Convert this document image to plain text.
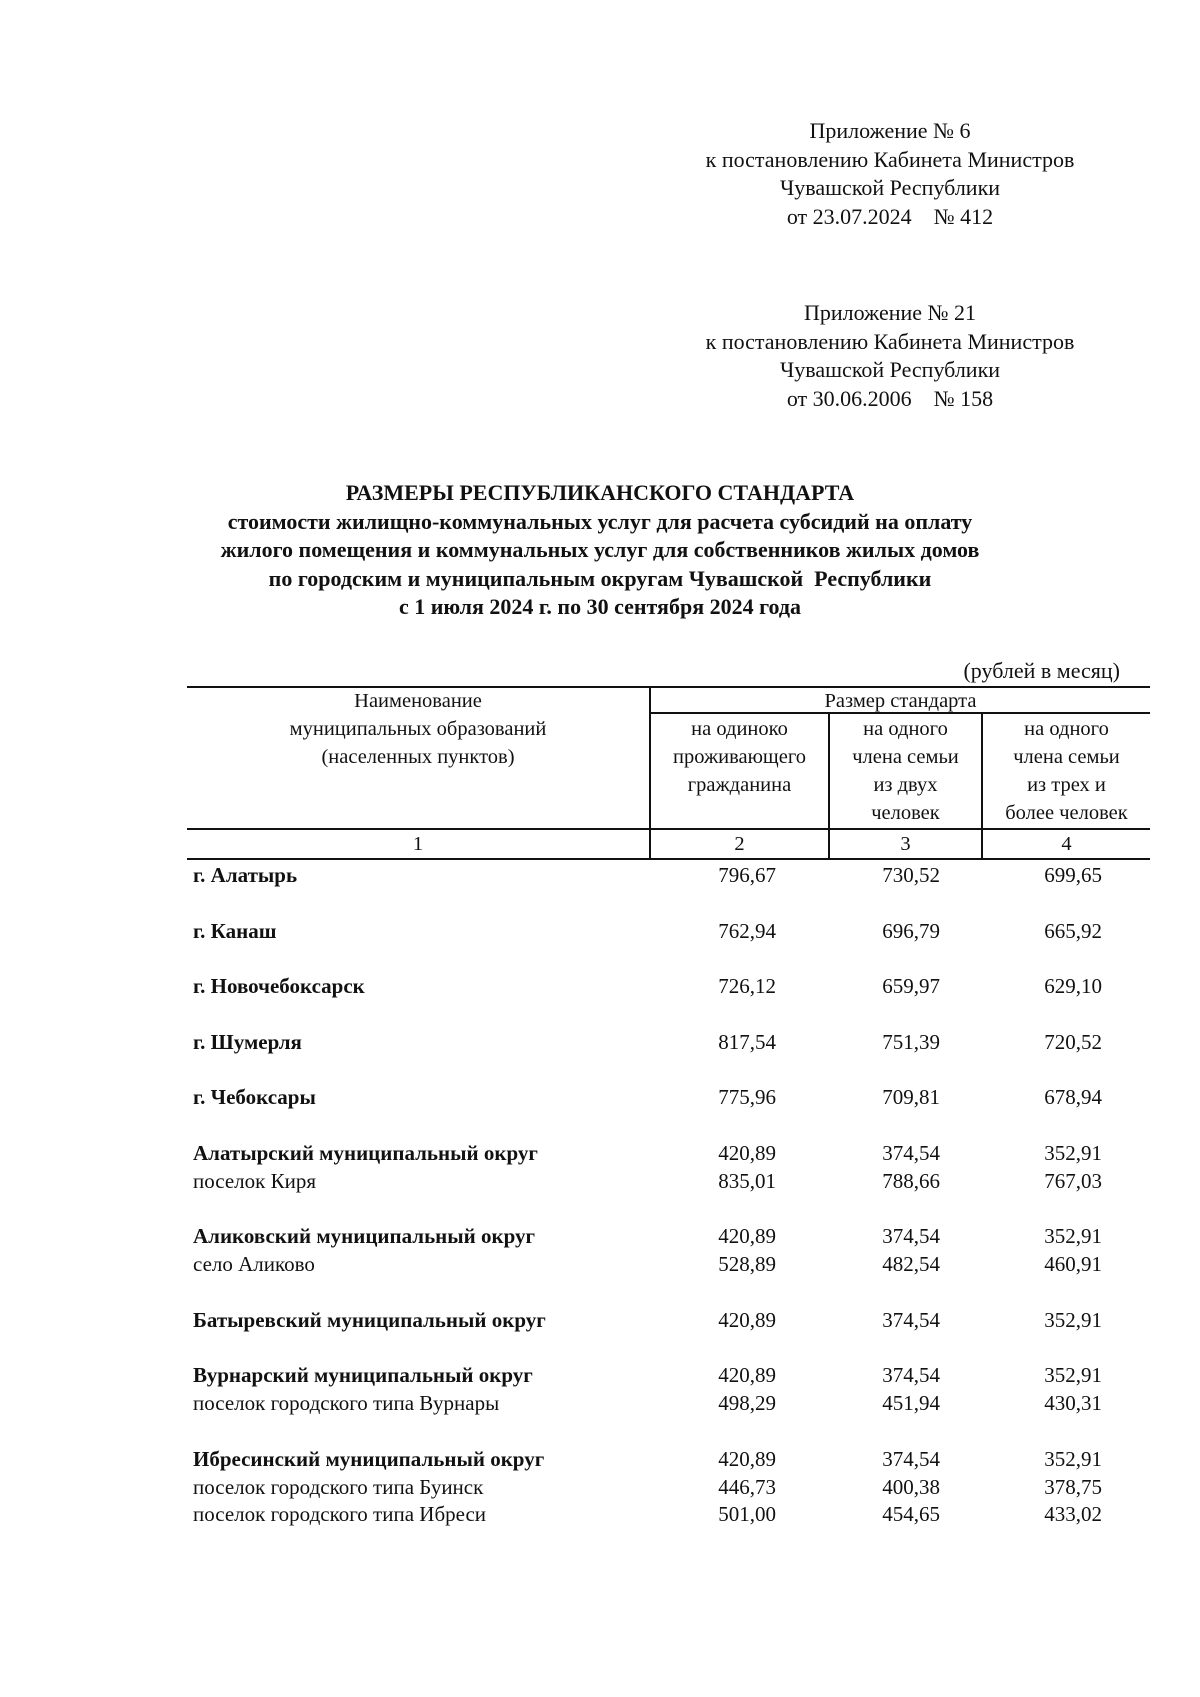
Приложение № 6
к постановлению Кабинета Министров
Чувашской Республики
от 23.07.2024    № 412
Приложение № 21
к постановлению Кабинета Министров
Чувашской Республики
от 30.06.2006    № 158
РАЗМЕРЫ РЕСПУБЛИКАНСКОГО СТАНДАРТА
стоимости жилищно-коммунальных услуг для расчета субсидий на оплату
жилого помещения и коммунальных услуг для собственников жилых домов
по городским и муниципальным округам Чувашской  Республики
с 1 июля 2024 г. по 30 сентября 2024 года
(рублей в месяц)
Наименование
муниципальных образований
(населенных пунктов)
Размер стандарта
на одиноко
проживающего
гражданина
на одного
члена семьи
из двух
человек
на одного
члена семьи
из трех и
более человек
1	2	3	4
г. Алатырь	796,67	730,52	699,65
г. Канаш	762,94	696,79	665,92
г. Новочебоксарск	726,12	659,97	629,10
г. Шумерля	817,54	751,39	720,52
г. Чебоксары	775,96	709,81	678,94
Алатырский муниципальный округ	420,89	374,54	352,91
поселок Киря	835,01	788,66	767,03
Аликовский муниципальный округ	420,89	374,54	352,91
село Аликово	528,89	482,54	460,91
Батыревский муниципальный округ	420,89	374,54	352,91
Вурнарский муниципальный округ	420,89	374,54	352,91
поселок городского типа Вурнары	498,29	451,94	430,31
Ибресинский муниципальный округ	420,89	374,54	352,91
поселок городского типа Буинск	446,73	400,38	378,75
поселок городского типа Ибреси	501,00	454,65	433,02
